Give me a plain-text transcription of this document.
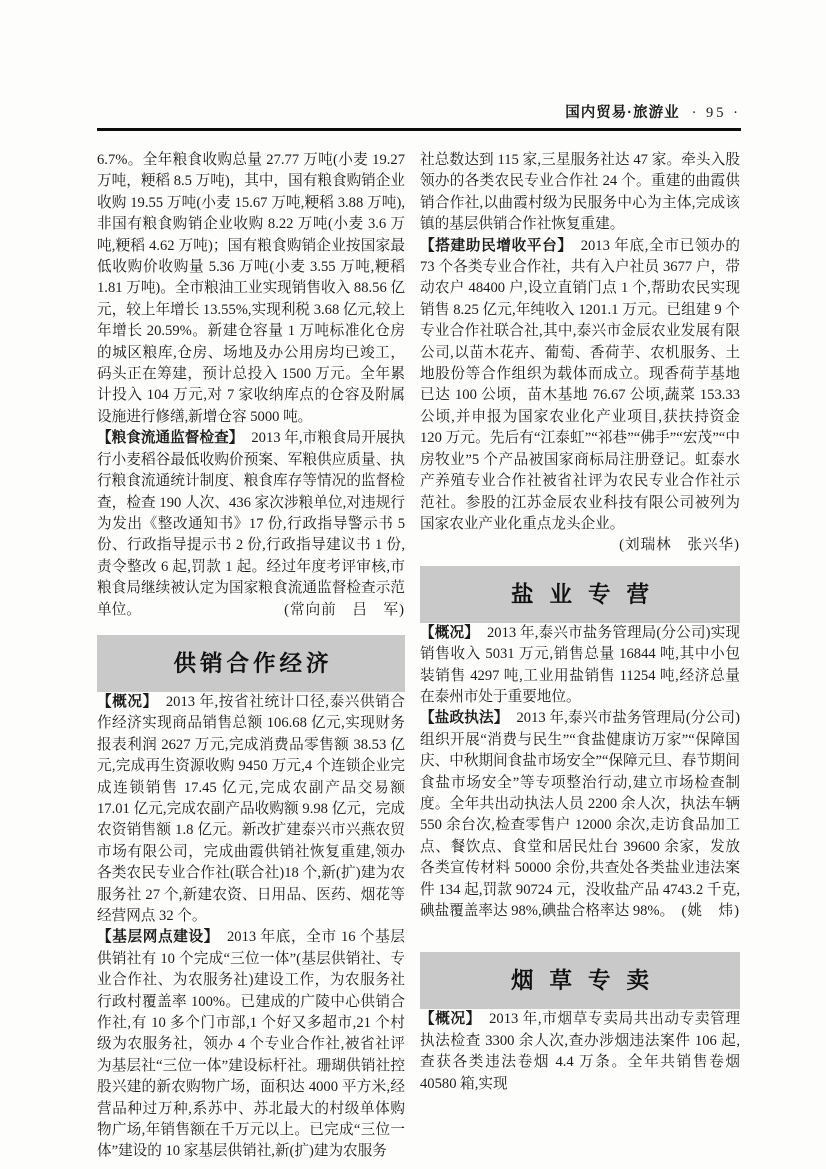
国内贸易·旅游业 · 95 ·

6.7%。全年粮食收购总量 27.77 万吨(小麦 19.27 万吨，粳稻 8.5 万吨)，其中，国有粮食购销企业收购 19.55 万吨(小麦 15.67 万吨,粳稻 3.88 万吨),非国有粮食购销企业收购 8.22 万吨(小麦 3.6 万吨,粳稻 4.62 万吨)；国有粮食购销企业按国家最低收购价收购量 5.36 万吨(小麦 3.55 万吨,粳稻 1.81 万吨)。全市粮油工业实现销售收入 88.56 亿元，较上年增长 13.55%,实现利税 3.68 亿元,较上年增长 20.59%。新建仓容量 1 万吨标准化仓房的城区粮库,仓房、场地及办公用房均已竣工，码头正在筹建，预计总投入 1500 万元。全年累计投入 104 万元,对 7 家收纳库点的仓容及附属设施进行修缮,新增仓容 5000 吨。

【粮食流通监督检查】 2013 年,市粮食局开展执行小麦稻谷最低收购价预案、军粮供应质量、执行粮食流通统计制度、粮食库存等情况的监督检查，检查 190 人次、436 家次涉粮单位,对违规行为发出《整改通知书》17 份,行政指导警示书 5 份、行政指导提示书 2 份,行政指导建议书 1 份,责令整改 6 起,罚款 1 起。经过年度考评审核,市粮食局继续被认定为国家粮食流通监督检查示范单位。	(常向前　吕　军)
供销合作经济
【概况】 2013 年,按省社统计口径,泰兴供销合作经济实现商品销售总额 106.68 亿元,实现财务报表利润 2627 万元,完成消费品零售额 38.53 亿元,完成再生资源收购 9450 万元,4 个连锁企业完成连锁销售 17.45 亿元,完成农副产品交易额 17.01 亿元,完成农副产品收购额 9.98 亿元，完成农资销售额 1.8 亿元。新改扩建泰兴市兴燕农贸市场有限公司，完成曲霞供销社恢复重建,领办各类农民专业合作社(联合社)18 个,新(扩)建为农服务社 27 个,新建农资、日用品、医药、烟花等经营网点 32 个。
【基层网点建设】 2013 年底，全市 16 个基层供销社有 10 个完成“三位一体”(基层供销社、专业合作社、为农服务社)建设工作，为农服务社行政村覆盖率 100%。已建成的广陵中心供销合作社,有 10 多个门市部,1 个好又多超市,21 个村级为农服务社，领办 4 个专业合作社,被省社评为基层社“三位一体”建设标杆社。珊瑚供销社控股兴建的新农购物广场，面积达 4000 平方米,经营品种过万种,系苏中、苏北最大的村级单体购物广场,年销售额在千万元以上。已完成“三位一体”建设的 10 家基层供销社,新(扩)建为农服务

社总数达到 115 家,三星服务社达 47 家。牵头入股领办的各类农民专业合作社 24 个。重建的曲霞供销合作社,以曲霞村级为民服务中心为主体,完成该镇的基层供销合作社恢复重建。

【搭建助民增收平台】 2013 年底,全市已领办的 73 个各类专业合作社，共有入户社员 3677 户，带动农户 48400 户,设立直销门点 1 个,帮助农民实现销售 8.25 亿元,年纯收入 1201.1 万元。已组建 9 个专业合作社联合社,其中,泰兴市金辰农业发展有限公司,以苗木花卉、葡萄、香荷芋、农机服务、土地股份等合作组织为载体而成立。现香荷芋基地已达 100 公顷，苗木基地 76.67 公顷,蔬菜 153.33 公顷,并申报为国家农业化产业项目,获扶持资金 120 万元。先后有“江泰虹”“祁巷”“佛手”“宏茂”“中房牧业”5 个产品被国家商标局注册登记。虹泰水产养殖专业合作社被省社评为农民专业合作社示范社。参股的江苏金辰农业科技有限公司被列为国家农业产业化重点龙头企业。
(刘瑞林　张兴华)
盐业专营
【概况】 2013 年,泰兴市盐务管理局(分公司)实现销售收入 5031 万元,销售总量 16844 吨,其中小包装销售 4297 吨,工业用盐销售 11254 吨,经济总量在泰州市处于重要地位。
【盐政执法】 2013 年,泰兴市盐务管理局(分公司)组织开展“消费与民生”“食盐健康访万家”“保障国庆、中秋期间食盐市场安全”“保障元旦、春节期间食盐市场安全”等专项整治行动,建立市场检查制度。全年共出动执法人员 2200 余人次，执法车辆 550 余台次,检查零售户 12000 余次,走访食品加工点、餐饮点、食堂和居民灶台 39600 余家，发放各类宣传材料 50000 余份,共查处各类盐业违法案件 134 起,罚款 90724 元，没收盐产品 4743.2 千克,碘盐覆盖率达 98%,碘盐合格率达 98%。 (姚　炜)
烟草专卖
【概况】 2013 年,市烟草专卖局共出动专卖管理执法检查 3300 余人次,查办涉烟违法案件 106 起,查获各类违法卷烟 4.4 万条。全年共销售卷烟 40580 箱,实现
